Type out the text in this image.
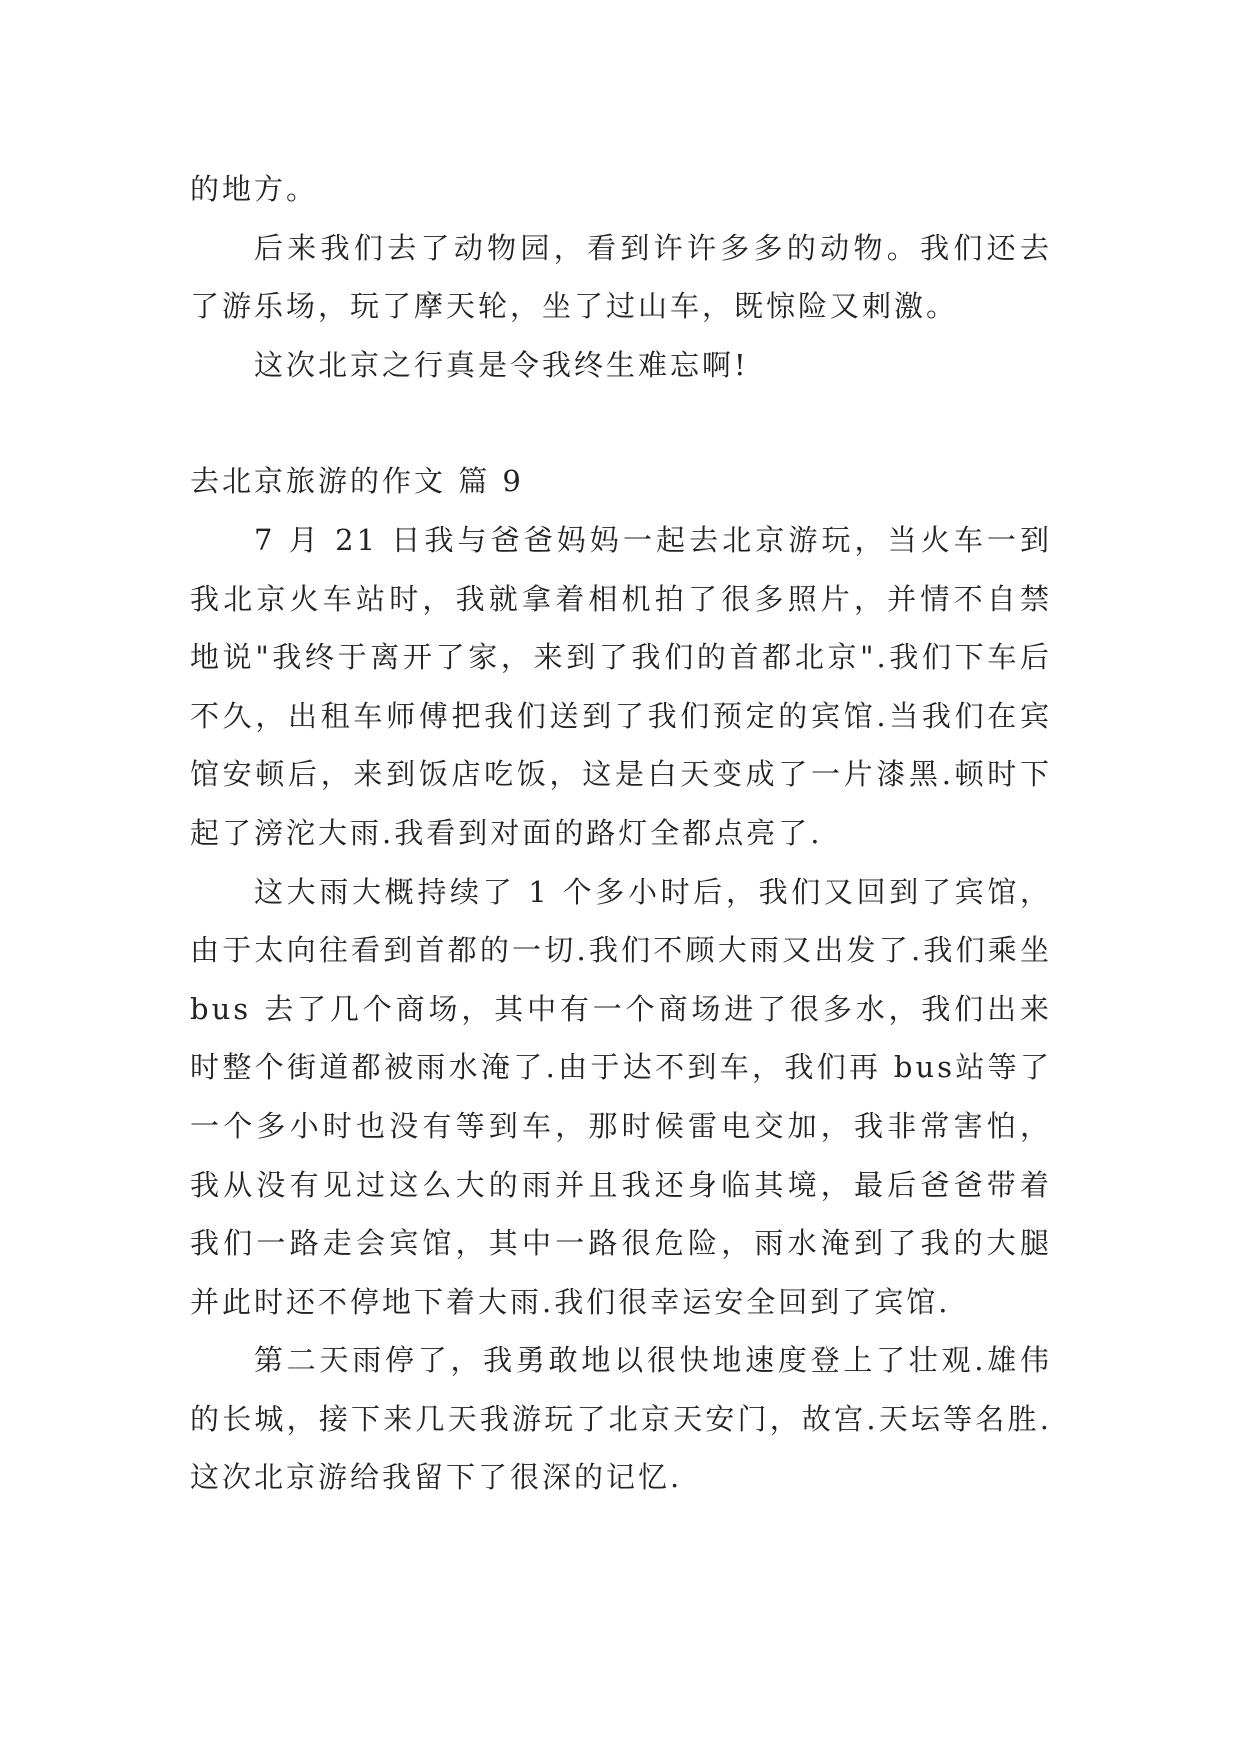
的地方。

后来我们去了动物园，看到许许多多的动物。我们还去了游乐场，玩了摩天轮，坐了过山车，既惊险又刺激。

这次北京之行真是令我终生难忘啊!

去北京旅游的作文 篇 9

7 月 21 日我与爸爸妈妈一起去北京游玩，当火车一到我北京火车站时，我就拿着相机拍了很多照片，并情不自禁地说"我终于离开了家，来到了我们的首都北京".我们下车后不久，出租车师傅把我们送到了我们预定的宾馆.当我们在宾馆安顿后，来到饭店吃饭，这是白天变成了一片漆黑.顿时下起了滂沱大雨.我看到对面的路灯全都点亮了.

这大雨大概持续了 1 个多小时后，我们又回到了宾馆，由于太向往看到首都的一切.我们不顾大雨又出发了.我们乘坐 bus 去了几个商场，其中有一个商场进了很多水，我们出来时整个街道都被雨水淹了.由于达不到车，我们再 bus站等了一个多小时也没有等到车，那时候雷电交加，我非常害怕，我从没有见过这么大的雨并且我还身临其境，最后爸爸带着我们一路走会宾馆，其中一路很危险，雨水淹到了我的大腿并此时还不停地下着大雨.我们很幸运安全回到了宾馆.

第二天雨停了，我勇敢地以很快地速度登上了壮观.雄伟的长城，接下来几天我游玩了北京天安门，故宫.天坛等名胜.这次北京游给我留下了很深的记忆.
